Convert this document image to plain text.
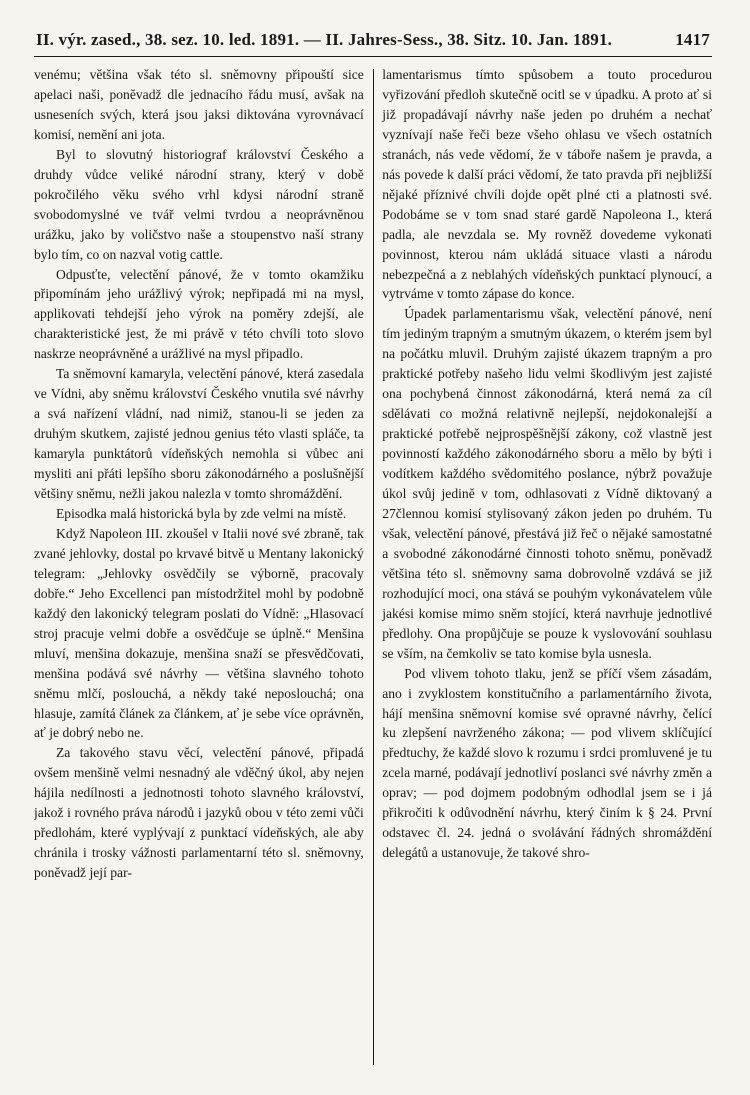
II. výr. zased., 38. sez. 10. led. 1891. — II. Jahres-Sess., 38. Sitz. 10. Jan. 1891.	1417

venému; většina však této sl. sněmovny připouští sice apelaci naši, poněvadž dle jednacího řádu musí, avšak na usneseních svých, která jsou jaksi diktována vyrovnávací komisí, nemění ani jota.

Byl to slovutný historiograf království Českého a druhdy vůdce veliké národní strany, který v době pokročilého věku svého vrhl kdysi národní straně svobodomyslné ve tvář velmi tvrdou a neoprávněnou urážku, jako by voličstvo naše a stoupenstvo naší strany bylo tím, co on nazval votig cattle.

Odpusťte, velectění pánové, že v tomto okamžiku připomínám jeho urážlivý výrok; nepřipadá mi na mysl, applikovati tehdejší jeho výrok na poměry zdejší, ale charakteristické jest, že mi právě v této chvíli toto slovo naskrze neoprávněné a urážlivé na mysl připadlo.

Ta sněmovní kamaryla, velectění pánové, která zasedala ve Vídni, aby sněmu království Českého vnutila své návrhy a svá nařízení vládní, nad nimiž, stanou-li se jeden za druhým skutkem, zajisté jednou genius této vlasti spláče, ta kamaryla punktátorů vídeňských nemohla si vůbec ani mysliti ani přáti lepšího sboru zákonodárného a poslušnější většiny sněmu, nežli jakou nalezla v tomto shromáždění.

Episodka malá historická byla by zde velmi na místě.

Když Napoleon III. zkoušel v Italii nové své zbraně, tak zvané jehlovky, dostal po krvavé bitvě u Mentany lakonický telegram: „Jehlovky osvědčily se výborně, pracovaly dobře.“ Jeho Excellenci pan místodržitel mohl by podobně každý den lakonický telegram poslati do Vídně: „Hlasovací stroj pracuje velmi dobře a osvědčuje se úplně.“ Menšina mluví, menšina dokazuje, menšina snaží se přesvědčovati, menšina podává své návrhy — většina slavného tohoto sněmu mlčí, poslouchá, a někdy také neposlouchá; ona hlasuje, zamítá článek za článkem, ať je sebe více oprávněn, ať je dobrý nebo ne.

Za takového stavu věcí, velectění pánové, připadá ovšem menšině velmi nesnadný ale vděčný úkol, aby nejen hájila nedílnosti a jednotnosti tohoto slavného království, jakož i rovného práva národů i jazyků obou v této zemi vůči předlohám, které vyplývají z punktací vídeňských, ale aby chránila i trosky vážnosti parlamentarní této sl. sněmovny, poněvadž její par-

lamentarismus tímto spůsobem a touto procedurou vyřizování předloh skutečně ocitl se v úpadku. A proto ať si již propadávají návrhy naše jeden po druhém a nechať vyznívají naše řeči beze všeho ohlasu ve všech ostatních stranách, nás vede vědomí, že v táboře našem je pravda, a nás povede k další práci vědomí, že tato pravda při nejbližší nějaké příznivé chvíli dojde opět plné cti a platnosti své. Podobáme se v tom snad staré gardě Napoleona I., která padla, ale nevzdala se. My rovněž dovedeme vykonati povinnost, kterou nám ukládá situace vlasti a národu nebezpečná a z neblahých vídeňských punktací plynoucí, a vytrváme v tomto zápase do konce.

Úpadek parlamentarismu však, velectění pánové, není tím jediným trapným a smutným úkazem, o kterém jsem byl na počátku mluvil. Druhým zajisté úkazem trapným a pro praktické potřeby našeho lidu velmi škodlivým jest zajisté ona pochybená činnost zákonodárná, která nemá za cíl sdělávati co možná relativně nejlepší, nejdokonalejší a praktické potřebě nejprospěšnější zákony, což vlastně jest povinností každého zákonodárného sboru a mělo by býti i vodítkem každého svědomitého poslance, nýbrž považuje úkol svůj jedině v tom, odhlasovati z Vídně diktovaný a 27člennou komisí stylisovaný zákon jeden po druhém. Tu však, velectění pánové, přestává již řeč o nějaké samostatné a svobodné zákonodárné činnosti tohoto sněmu, poněvadž většina této sl. sněmovny sama dobrovolně vzdává se již rozhodující moci, ona stává se pouhým vykonávatelem vůle jakési komise mimo sněm stojící, která navrhuje jednotlivé předlohy. Ona propůjčuje se pouze k vyslovování souhlasu se vším, na čemkoliv se tato komise byla usnesla.

Pod vlivem tohoto tlaku, jenž se příčí všem zásadám, ano i zvyklostem konstitučního a parlamentárního života, hájí menšina sněmovní komise své opravné návrhy, čelící ku zlepšení navrženého zákona; — pod vlivem sklíčující předtuchy, že každé slovo k rozumu i srdci promluvené je tu zcela marné, podávají jednotliví poslanci své návrhy změn a oprav; — pod dojmem podobným odhodlal jsem se i já přikročiti k odůvodnění návrhu, který činím k § 24. První odstavec čl. 24. jedná o svolávání řádných shromáždění delegátů a ustanovuje, že takové shro-
